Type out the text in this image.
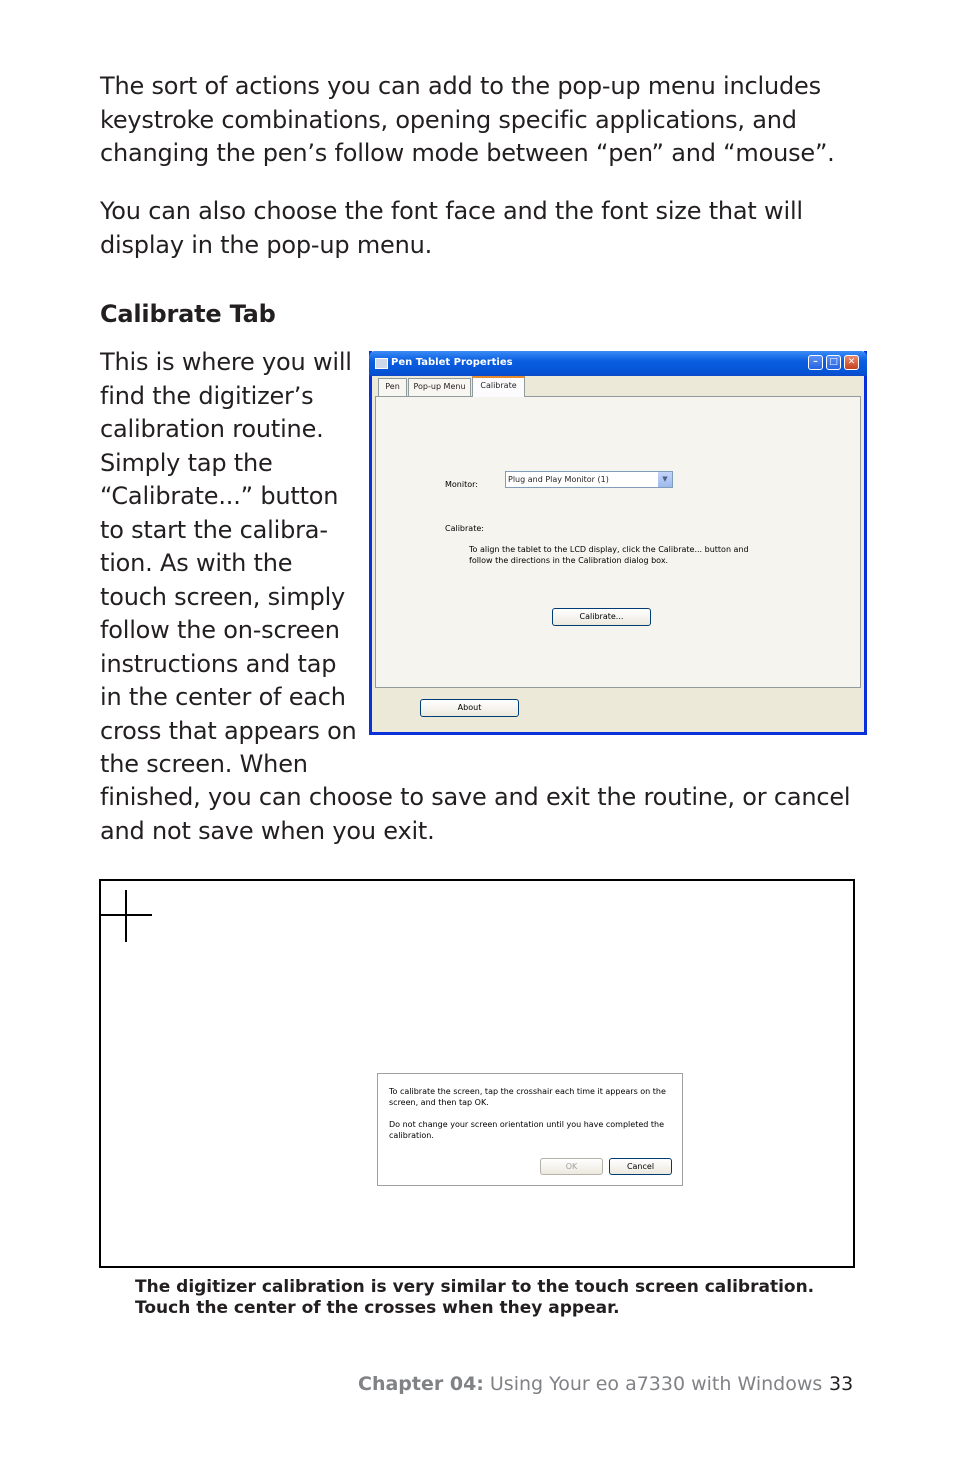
The sort of actions you can add to the pop-up menu includes
keystroke combinations, opening specific applications, and
changing the pen’s follow mode between “pen” and “mouse”.

You can also choose the font face and the font size that will
display in the pop-up menu.

Calibrate Tab

This is where you will
find the digitizer’s
calibration routine.
Simply tap the
“Calibrate...” button
to start the calibra-
tion. As with the
touch screen, simply
follow the on-screen
instructions and tap
in the center of each
cross that appears on
the screen. When

Pen Tablet Properties	–	□	✕
Pen	Pop-up Menu	Calibrate
Monitor:
Plug and Play Monitor (1)	▼
Calibrate:
To align the tablet to the LCD display, click the Calibrate... button and
follow the directions in the Calibration dialog box.
Calibrate...
About

finished, you can choose to save and exit the routine, or cancel
and not save when you exit.

To calibrate the screen, tap the crosshair each time it appears on the
screen, and then tap OK.
Do not change your screen orientation until you have completed the
calibration.
OK	Cancel

The digitizer calibration is very similar to the touch screen calibration.
Touch the center of the crosses when they appear.

Chapter 04: Using Your eo a7330 with Windows 33
